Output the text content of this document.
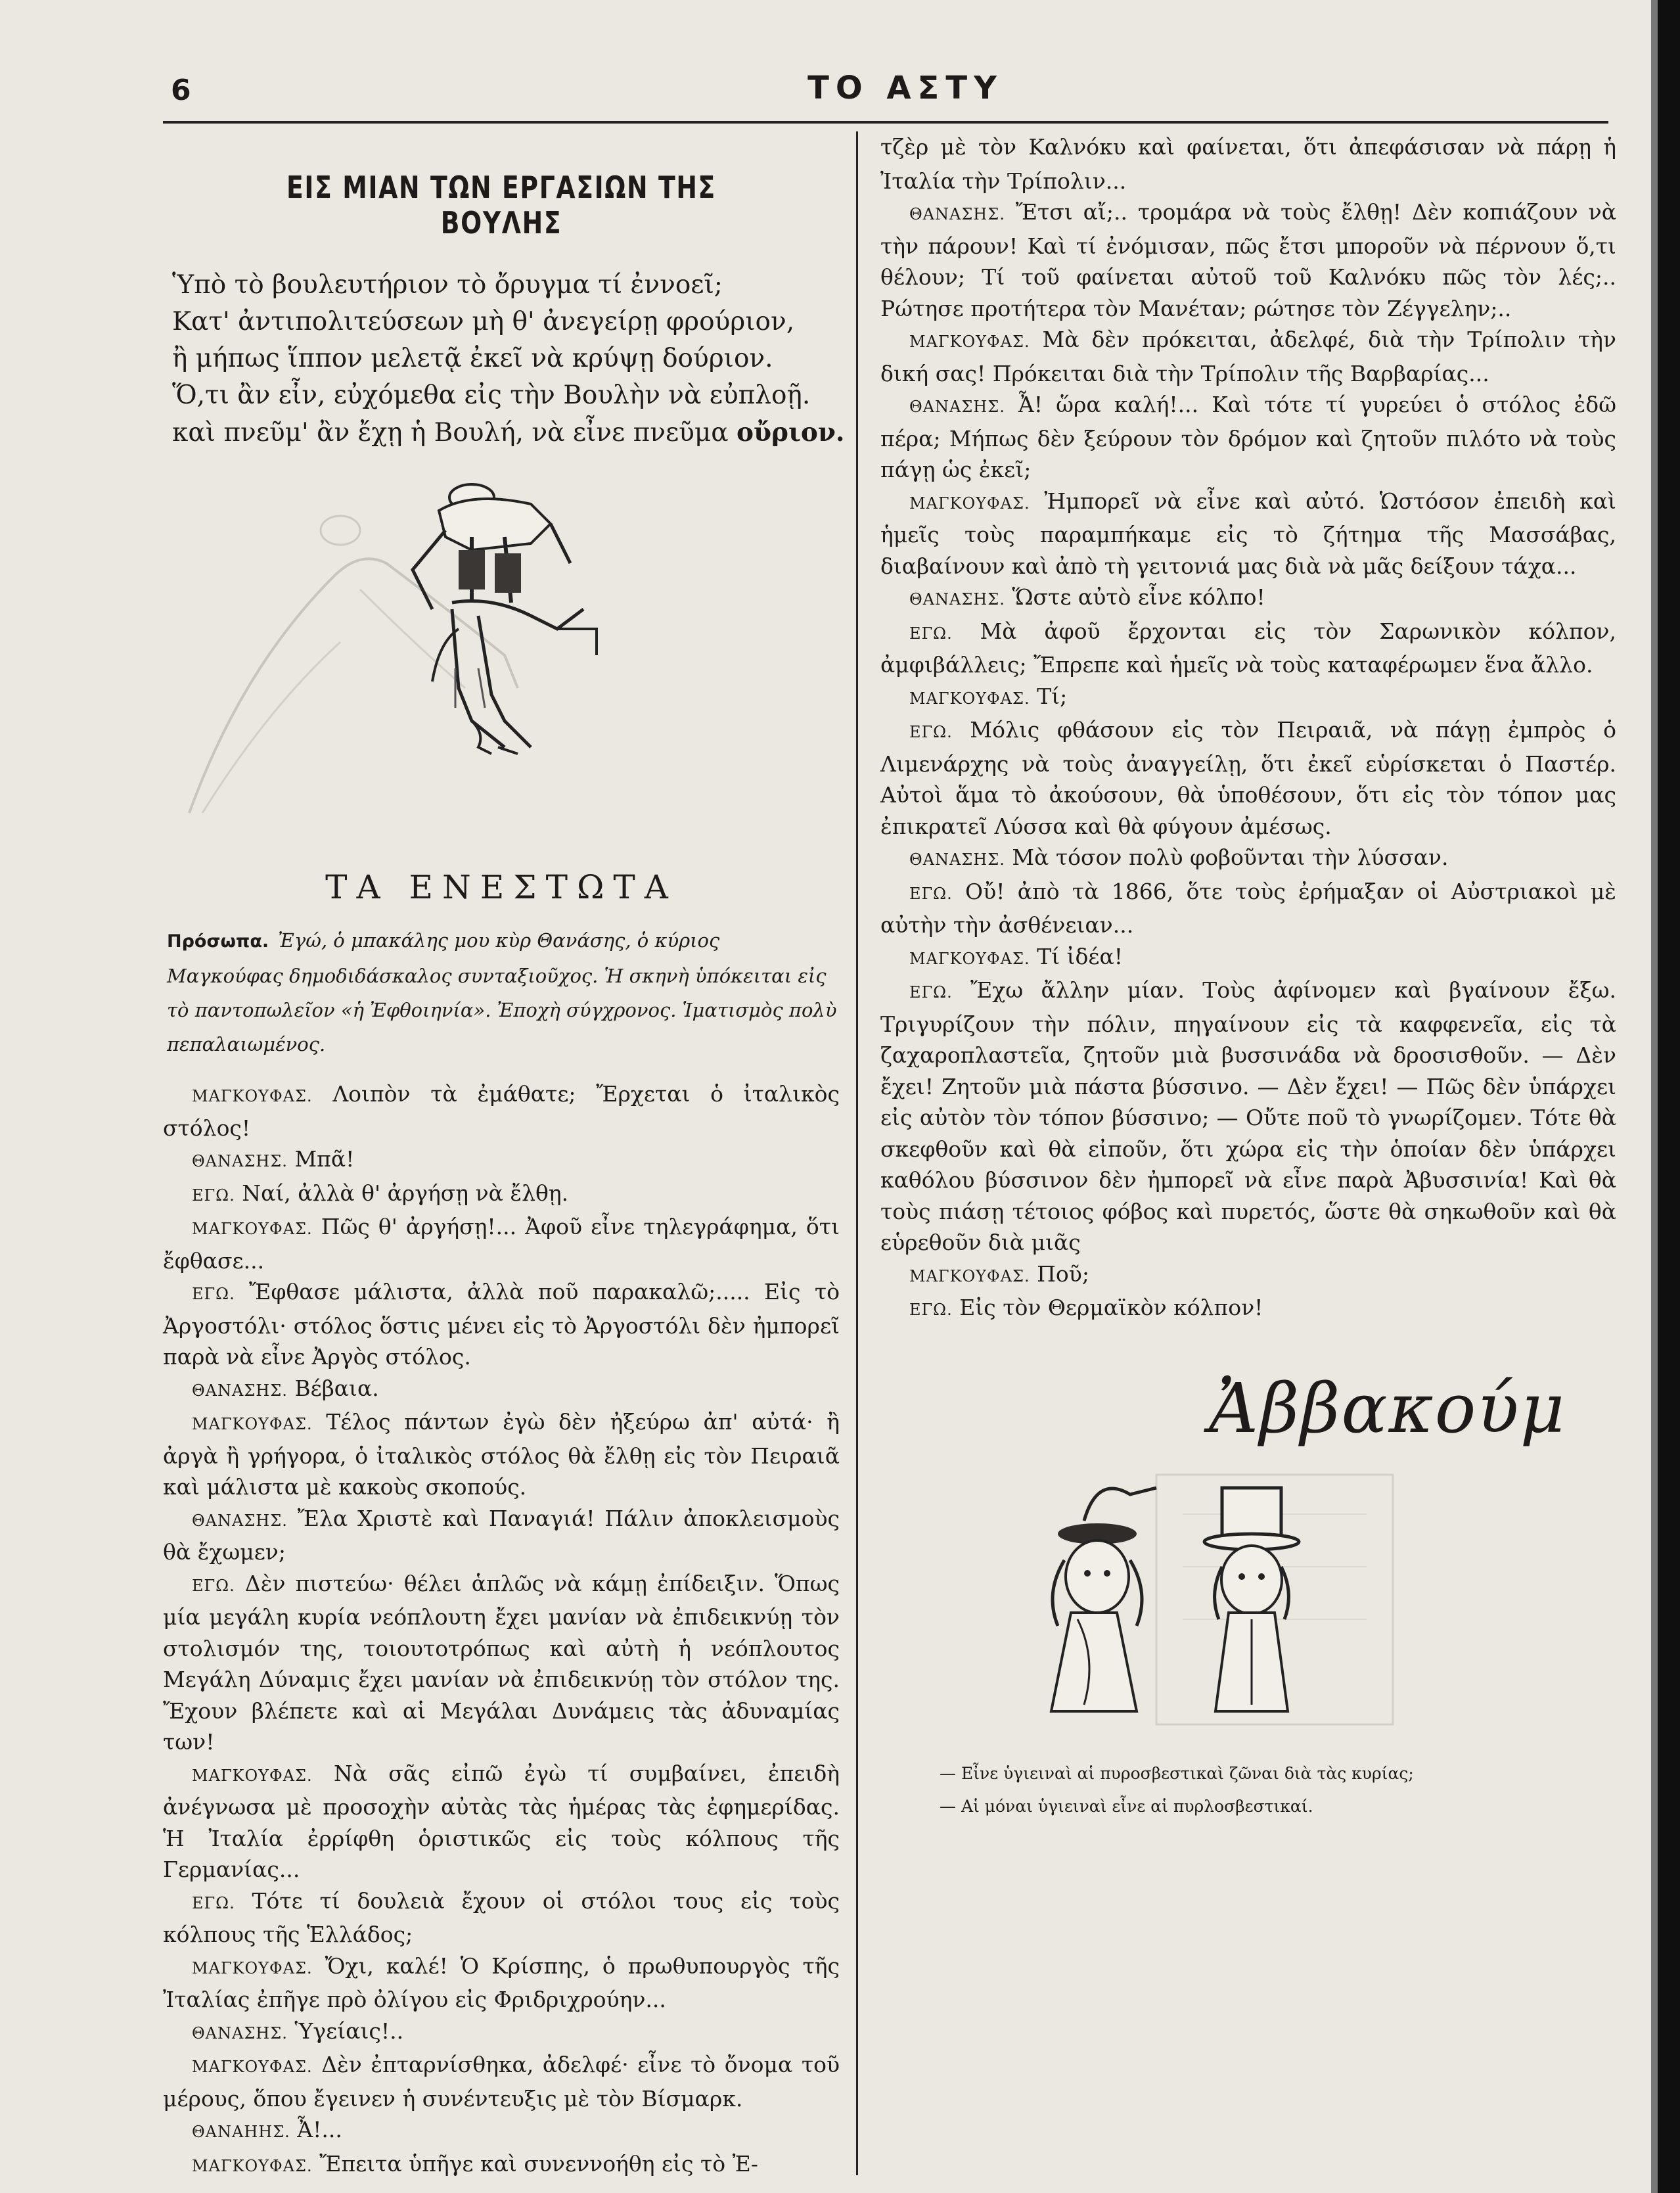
6	ΤΟ ΑΣΤΥ
ΕΙΣ ΜΙΑΝ ΤΩΝ ΕΡΓΑΣΙΩΝ ΤΗΣ ΒΟΥΛΗΣ
Ὑπὸ τὸ βουλευτήριον τὸ ὄρυγμα τί ἐννοεῖ;
Κατ' ἀντιπολιτεύσεων μὴ θ' ἀνεγείρῃ φρούριον,
ἢ μήπως ἵππον μελετᾷ ἐκεῖ νὰ κρύψῃ δούριον.
Ὅ,τι ἂν εἶν, εὐχόμεθα εἰς τὴν Βουλὴν νὰ εὐπλοῇ.
καὶ πνεῦμ' ἂν ἔχῃ ἡ Βουλή, νὰ εἶνε πνεῦμα οὔριον.
ΤΑ ΕΝΕΣΤΩΤΑ
Πρόσωπα. Ἐγώ, ὁ μπακάλης μου κὺρ Θανάσης, ὁ κύριος Μαγκούφας δημοδιδάσκαλος συνταξιοῦχος. Ἡ σκηνὴ ὑπόκειται εἰς τὸ παντοπωλεῖον «ἡ Ἐφθοιηνία». Ἐποχὴ σύγχρονος. Ἱματισμὸς πολὺ πεπαλαιωμένος.

ΜΑΓΚΟΥΦΑΣ. Λοιπὸν τὰ ἐμάθατε; Ἔρχεται ὁ ἰταλικὸς στόλος!

ΘΑΝΑΣΗΣ. Μπᾶ!

ΕΓΩ. Ναί, ἀλλὰ θ' ἀργήσῃ νὰ ἔλθῃ.

ΜΑΓΚΟΥΦΑΣ. Πῶς θ' ἀργήσῃ!... Ἀφοῦ εἶνε τηλεγράφημα, ὅτι ἔφθασε...

ΕΓΩ. Ἔφθασε μάλιστα, ἀλλὰ ποῦ παρακαλῶ;..... Εἰς τὸ Ἀργοστόλι· στόλος ὅστις μένει εἰς τὸ Ἀργοστόλι δὲν ἠμπορεῖ παρὰ νὰ εἶνε Ἀργὸς στόλος.

ΘΑΝΑΣΗΣ. Βέβαια.

ΜΑΓΚΟΥΦΑΣ. Τέλος πάντων ἐγὼ δὲν ἠξεύρω ἀπ' αὐτά· ἢ ἀργὰ ἢ γρήγορα, ὁ ἰταλικὸς στόλος θὰ ἔλθῃ εἰς τὸν Πειραιᾶ καὶ μάλιστα μὲ κακοὺς σκοπούς.

ΘΑΝΑΣΗΣ. Ἔλα Χριστὲ καὶ Παναγιά! Πάλιν ἀποκλεισμοὺς θὰ ἔχωμεν;

ΕΓΩ. Δὲν πιστεύω· θέλει ἁπλῶς νὰ κάμῃ ἐπίδειξιν. Ὅπως μία μεγάλη κυρία νεόπλουτη ἔχει μανίαν νὰ ἐπιδεικνύῃ τὸν στολισμόν της, τοιουτοτρόπως καὶ αὐτὴ ἡ νεόπλουτος Μεγάλη Δύναμις ἔχει μανίαν νὰ ἐπιδεικνύῃ τὸν στόλον της. Ἔχουν βλέπετε καὶ αἱ Μεγάλαι Δυνάμεις τὰς ἀδυναμίας των!

ΜΑΓΚΟΥΦΑΣ. Νὰ σᾶς εἰπῶ ἐγὼ τί συμβαίνει, ἐπειδὴ ἀνέγνωσα μὲ προσοχὴν αὐτὰς τὰς ἡμέρας τὰς ἐφημερίδας. Ἡ Ἰταλία ἐρρίφθη ὁριστικῶς εἰς τοὺς κόλπους τῆς Γερμανίας...

ΕΓΩ. Τότε τί δουλειὰ ἔχουν οἱ στόλοι τους εἰς τοὺς κόλπους τῆς Ἑλλάδος;

ΜΑΓΚΟΥΦΑΣ. Ὄχι, καλέ! Ὁ Κρίσπης, ὁ πρωθυπουργὸς τῆς Ἰταλίας ἐπῆγε πρὸ ὀλίγου εἰς Φριδριχρούην...

ΘΑΝΑΣΗΣ. Ὑγείαις!..

ΜΑΓΚΟΥΦΑΣ. Δὲν ἐπταρνίσθηκα, ἀδελφέ· εἶνε τὸ ὄνομα τοῦ μέρους, ὅπου ἔγεινεν ἡ συνέντευξις μὲ τὸν Βίσμαρκ.

ΘΑΝΑΗΗΣ. Ἆ!...

ΜΑΓΚΟΥΦΑΣ. Ἔπειτα ὑπῆγε καὶ συνεννοήθη εἰς τὸ Ἐ-

τζὲρ μὲ τὸν Καλνόκυ καὶ φαίνεται, ὅτι ἀπεφάσισαν νὰ πάρῃ ἡ Ἰταλία τὴν Τρίπολιν...

ΘΑΝΑΣΗΣ. Ἔτσι αἴ;.. τρομάρα νὰ τοὺς ἔλθῃ! Δὲν κοπιάζουν νὰ τὴν πάρουν! Καὶ τί ἐνόμισαν, πῶς ἔτσι μποροῦν νὰ πέρνουν ὅ,τι θέλουν; Τί τοῦ φαίνεται αὐτοῦ τοῦ Καλνόκυ πῶς τὸν λές;.. Ρώτησε προτήτερα τὸν Μανέταν; ρώτησε τὸν Ζέγγελην;..

ΜΑΓΚΟΥΦΑΣ. Μὰ δὲν πρόκειται, ἀδελφέ, διὰ τὴν Τρίπολιν τὴν δική σας! Πρόκειται διὰ τὴν Τρίπολιν τῆς Βαρβαρίας...

ΘΑΝΑΣΗΣ. Ἆ! ὥρα καλή!... Καὶ τότε τί γυρεύει ὁ στόλος ἐδῶ πέρα; Μήπως δὲν ξεύρουν τὸν δρόμον καὶ ζητοῦν πιλότο νὰ τοὺς πάγῃ ὡς ἐκεῖ;

ΜΑΓΚΟΥΦΑΣ. Ἠμπορεῖ νὰ εἶνε καὶ αὐτό. Ὡστόσον ἐπειδὴ καὶ ἡμεῖς τοὺς παραμπήκαμε εἰς τὸ ζήτημα τῆς Μασσάβας, διαβαίνουν καὶ ἀπὸ τὴ γειτονιά μας διὰ νὰ μᾶς δείξουν τάχα...

ΘΑΝΑΣΗΣ. Ὥστε αὐτὸ εἶνε κόλπο!

ΕΓΩ. Μὰ ἀφοῦ ἔρχονται εἰς τὸν Σαρωνικὸν κόλπον, ἀμφιβάλλεις; Ἔπρεπε καὶ ἡμεῖς νὰ τοὺς καταφέρωμεν ἕνα ἄλλο.

ΜΑΓΚΟΥΦΑΣ. Τί;

ΕΓΩ. Μόλις φθάσουν εἰς τὸν Πειραιᾶ, νὰ πάγῃ ἐμπρὸς ὁ Λιμενάρχης νὰ τοὺς ἀναγγείλῃ, ὅτι ἐκεῖ εὑρίσκεται ὁ Παστέρ. Αὐτοὶ ἅμα τὸ ἀκούσουν, θὰ ὑποθέσουν, ὅτι εἰς τὸν τόπον μας ἐπικρατεῖ Λύσσα καὶ θὰ φύγουν ἀμέσως.

ΘΑΝΑΣΗΣ. Μὰ τόσον πολὺ φοβοῦνται τὴν λύσσαν.

ΕΓΩ. Οὔ! ἀπὸ τὰ 1866, ὅτε τοὺς ἐρήμαξαν οἱ Αὐστριακοὶ μὲ αὐτὴν τὴν ἀσθένειαν...

ΜΑΓΚΟΥΦΑΣ. Τί ἰδέα!

ΕΓΩ. Ἔχω ἄλλην μίαν. Τοὺς ἀφίνομεν καὶ βγαίνουν ἔξω. Τριγυρίζουν τὴν πόλιν, πηγαίνουν εἰς τὰ καφφενεῖα, εἰς τὰ ζαχαροπλαστεῖα, ζητοῦν μιὰ βυσσινάδα νὰ δροσισθοῦν. — Δὲν ἔχει! Ζητοῦν μιὰ πάστα βύσσινο. — Δὲν ἔχει! — Πῶς δὲν ὑπάρχει εἰς αὐτὸν τὸν τόπον βύσσινο; — Οὔτε ποῦ τὸ γνωρίζομεν. Τότε θὰ σκεφθοῦν καὶ θὰ εἰποῦν, ὅτι χώρα εἰς τὴν ὁποίαν δὲν ὑπάρχει καθόλου βύσσινον δὲν ἠμπορεῖ νὰ εἶνε παρὰ Ἀβυσσινία! Καὶ θὰ τοὺς πιάσῃ τέτοιος φόβος καὶ πυρετός, ὥστε θὰ σηκωθοῦν καὶ θὰ εὑρεθοῦν διὰ μιᾶς

ΜΑΓΚΟΥΦΑΣ. Ποῦ;

ΕΓΩ. Εἰς τὸν Θερμαϊκὸν κόλπον!

Ἀββακούμ
— Εἶνε ὑγιειναὶ αἱ πυροσβεστικαὶ ζῶναι διὰ τὰς κυρίας;
— Αἱ μόναι ὑγιειναὶ εἶνε αἱ πυρλοσβεστικαί.
